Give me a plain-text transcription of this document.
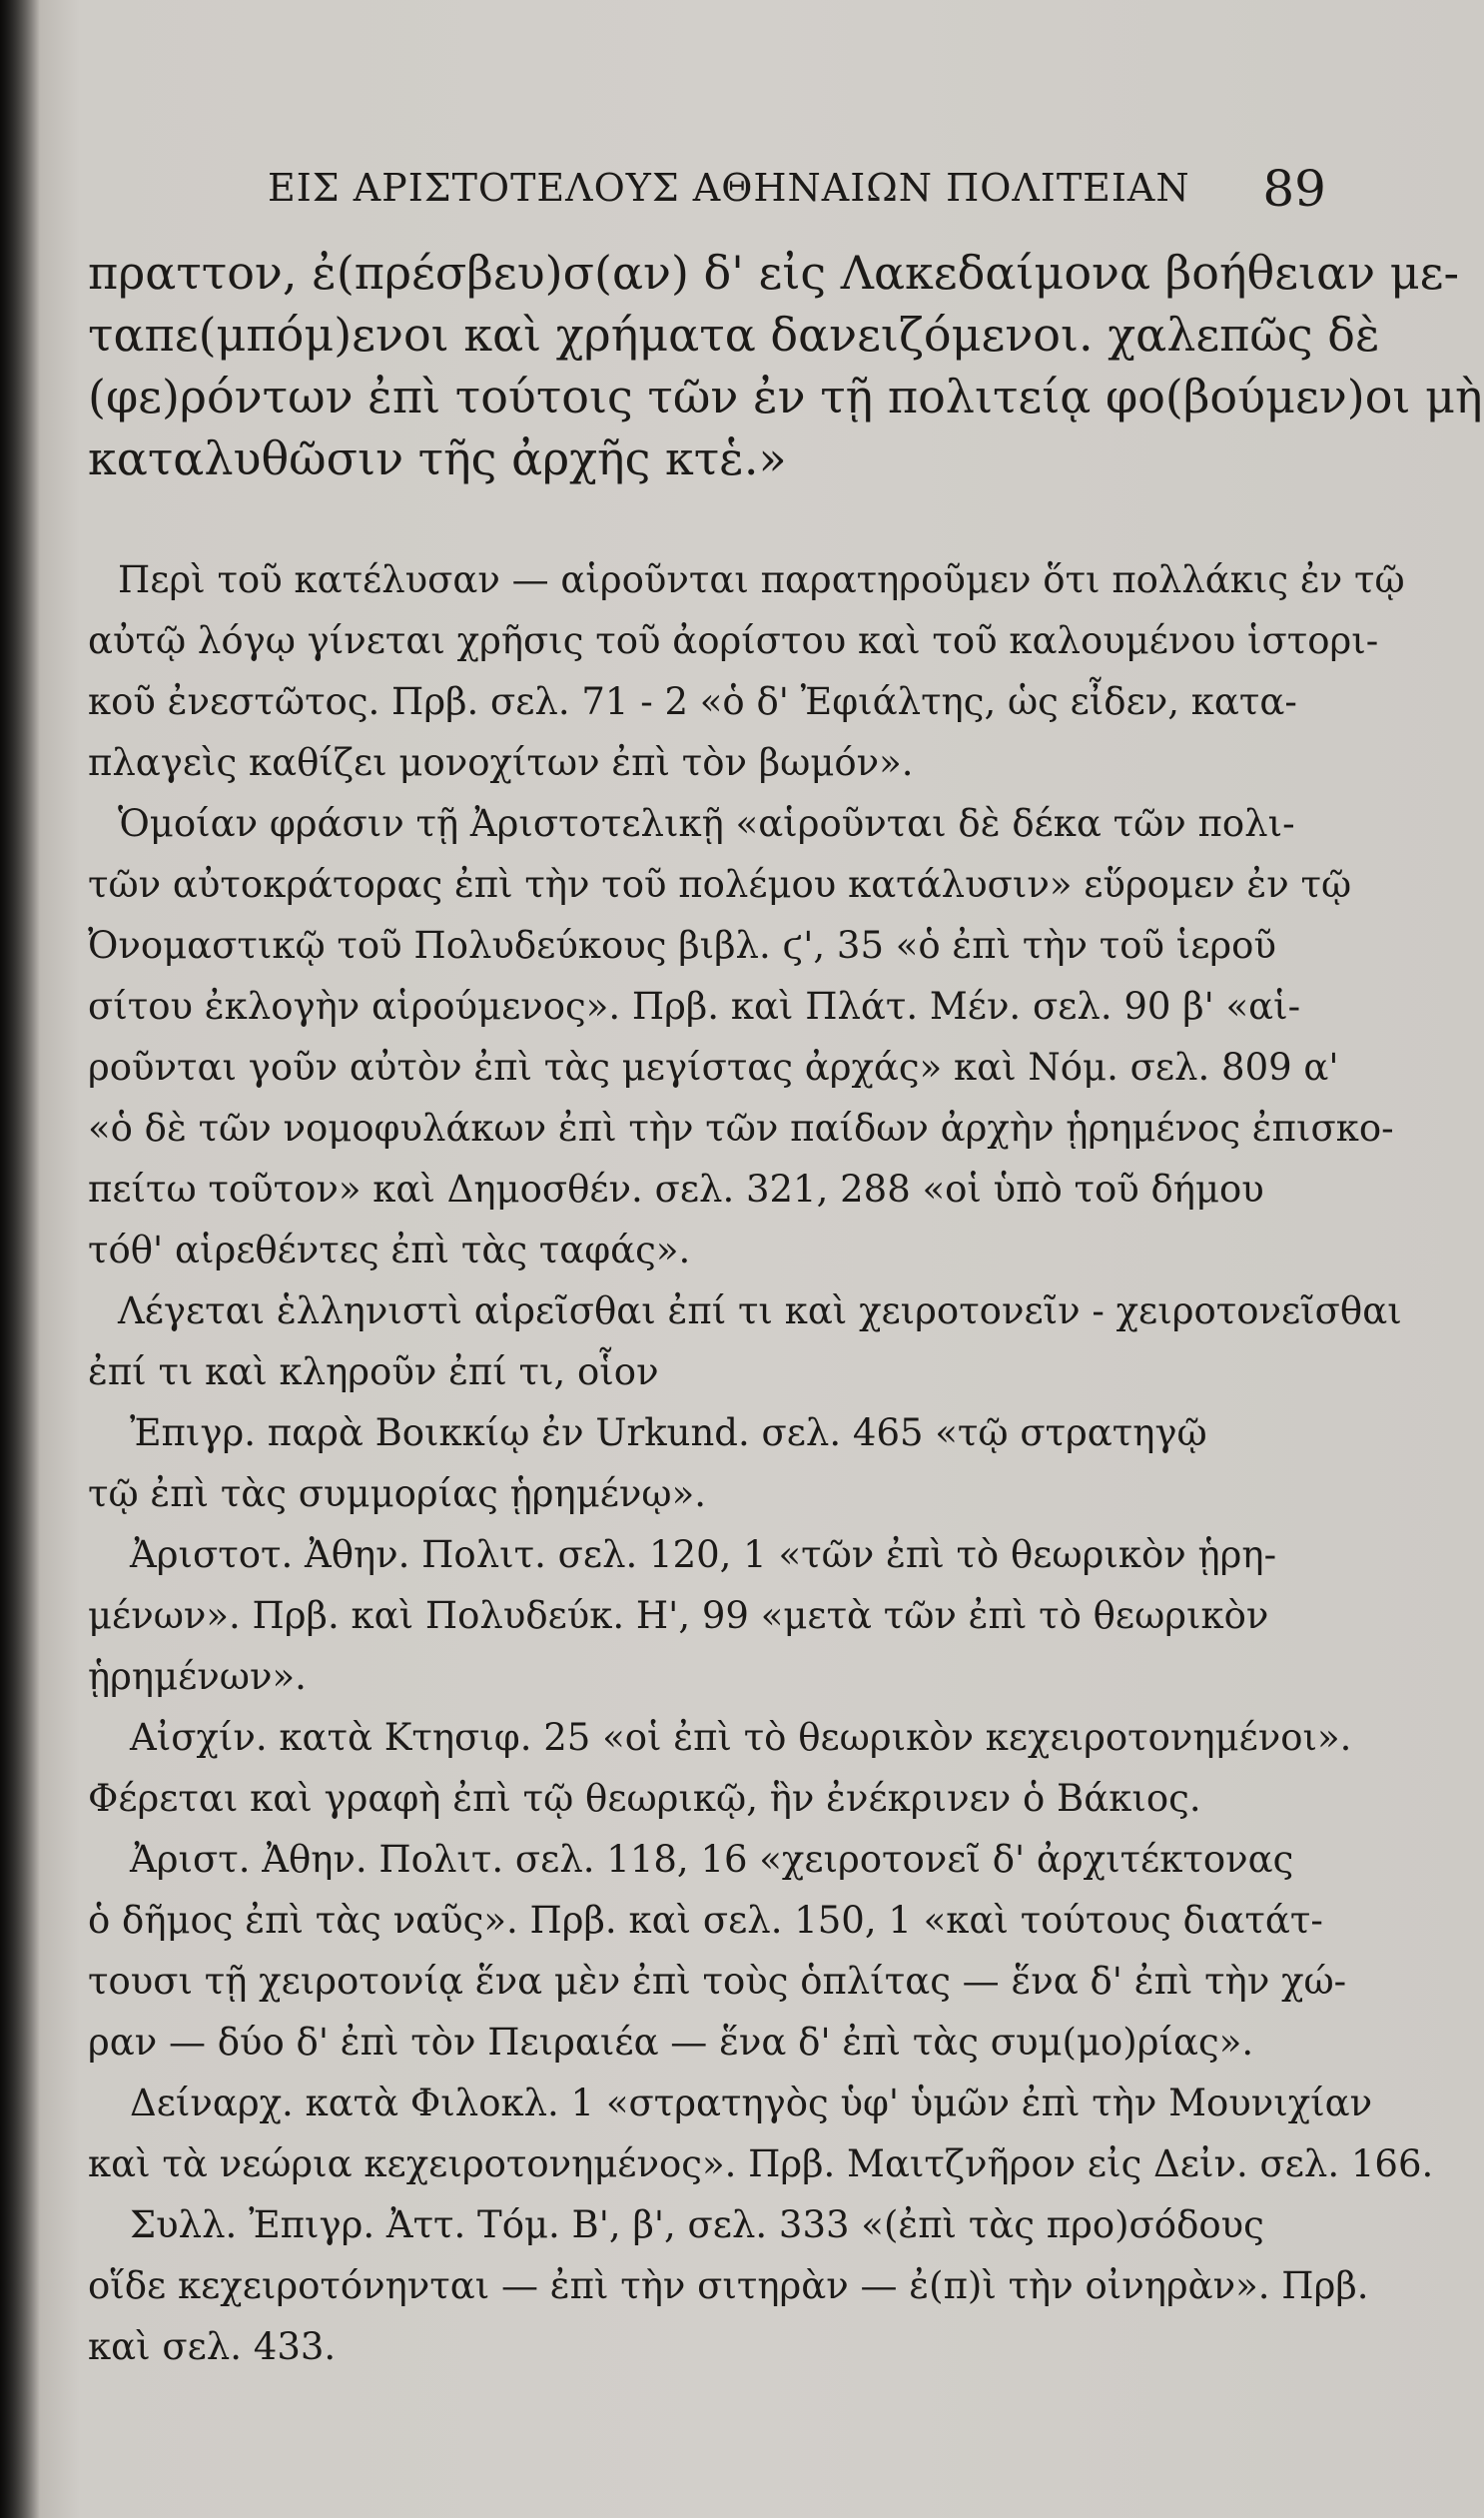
ΕΙΣ ΑΡΙΣΤΟΤΕΛΟΥΣ ΑΘΗΝΑΙΩΝ ΠΟΛΙΤΕΙΑΝ 89
πραττον, ἐ(πρέσβευ)σ(αν) δ' εἰς Λακεδαίμονα βοήθειαν με-
ταπε(μπόμ)ενοι καὶ χρήματα δανειζόμενοι. χαλεπῶς δὲ
(φε)ρόντων ἐπὶ τούτοις τῶν ἐν τῇ πολιτείᾳ φο(βούμεν)οι μὴ
καταλυθῶσιν τῆς ἀρχῆς κτἑ.»
Περὶ τοῦ κατέλυσαν — αἱροῦνται παρατηροῦμεν ὅτι πολλάκις ἐν τῷ
αὐτῷ λόγῳ γίνεται χρῆσις τοῦ ἀορίστου καὶ τοῦ καλουμένου ἱστορι-
κοῦ ἐνεστῶτος. Πρβ. σελ. 71 - 2 «ὁ δ' Ἐφιάλτης, ὡς εἶδεν, κατα-
πλαγεὶς καθίζει μονοχίτων ἐπὶ τὸν βωμόν».
Ὁμοίαν φράσιν τῇ Ἀριστοτελικῇ «αἱροῦνται δὲ δέκα τῶν πολι-
τῶν αὐτοκράτορας ἐπὶ τὴν τοῦ πολέμου κατάλυσιν» εὕρομεν ἐν τῷ
Ὀνομαστικῷ τοῦ Πολυδεύκους βιβλ. ϛ', 35 «ὁ ἐπὶ τὴν τοῦ ἱεροῦ
σίτου ἐκλογὴν αἱρούμενος». Πρβ. καὶ Πλάτ. Μέν. σελ. 90 β' «αἱ-
ροῦνται γοῦν αὐτὸν ἐπὶ τὰς μεγίστας ἀρχάς» καὶ Νόμ. σελ. 809 α'
«ὁ δὲ τῶν νομοφυλάκων ἐπὶ τὴν τῶν παίδων ἀρχὴν ᾑρημένος ἐπισκο-
πείτω τοῦτον» καὶ Δημοσθέν. σελ. 321, 288 «οἱ ὑπὸ τοῦ δήμου
τόθ' αἱρεθέντες ἐπὶ τὰς ταφάς».
Λέγεται ἑλληνιστὶ αἱρεῖσθαι ἐπί τι καὶ χειροτονεῖν - χειροτονεῖσθαι
ἐπί τι καὶ κληροῦν ἐπί τι, οἷον
Ἐπιγρ. παρὰ Βοικκίῳ ἐν Urkund. σελ. 465 «τῷ στρατηγῷ
τῷ ἐπὶ τὰς συμμορίας ᾑρημένῳ».
Ἀριστοτ. Ἀθην. Πολιτ. σελ. 120, 1 «τῶν ἐπὶ τὸ θεωρικὸν ᾑρη-
μένων». Πρβ. καὶ Πολυδεύκ. Η', 99 «μετὰ τῶν ἐπὶ τὸ θεωρικὸν
ᾑρημένων».
Αἰσχίν. κατὰ Κτησιφ. 25 «οἱ ἐπὶ τὸ θεωρικὸν κεχειροτονημένοι».
Φέρεται καὶ γραφὴ ἐπὶ τῷ θεωρικῷ, ἣν ἐνέκρινεν ὁ Βάκιος.
Ἀριστ. Ἀθην. Πολιτ. σελ. 118, 16 «χειροτονεῖ δ' ἀρχιτέκτονας
ὁ δῆμος ἐπὶ τὰς ναῦς». Πρβ. καὶ σελ. 150, 1 «καὶ τούτους διατάτ-
τουσι τῇ χειροτονίᾳ ἕνα μὲν ἐπὶ τοὺς ὁπλίτας — ἕνα δ' ἐπὶ τὴν χώ-
ραν — δύο δ' ἐπὶ τὸν Πειραιέα — ἕνα δ' ἐπὶ τὰς συμ(μο)ρίας».
Δείναρχ. κατὰ Φιλοκλ. 1 «στρατηγὸς ὑφ' ὑμῶν ἐπὶ τὴν Μουνιχίαν
καὶ τὰ νεώρια κεχειροτονημένος». Πρβ. Μαιτζνῆρον εἰς Δεἰν. σελ. 166.
Συλλ. Ἐπιγρ. Ἀττ. Τόμ. Β', β', σελ. 333 «(ἐπὶ τὰς προ)σόδους
οἵδε κεχειροτόνηνται — ἐπὶ τὴν σιτηρὰν — ἐ(π)ὶ τὴν οἰνηρὰν». Πρβ.
καὶ σελ. 433.
